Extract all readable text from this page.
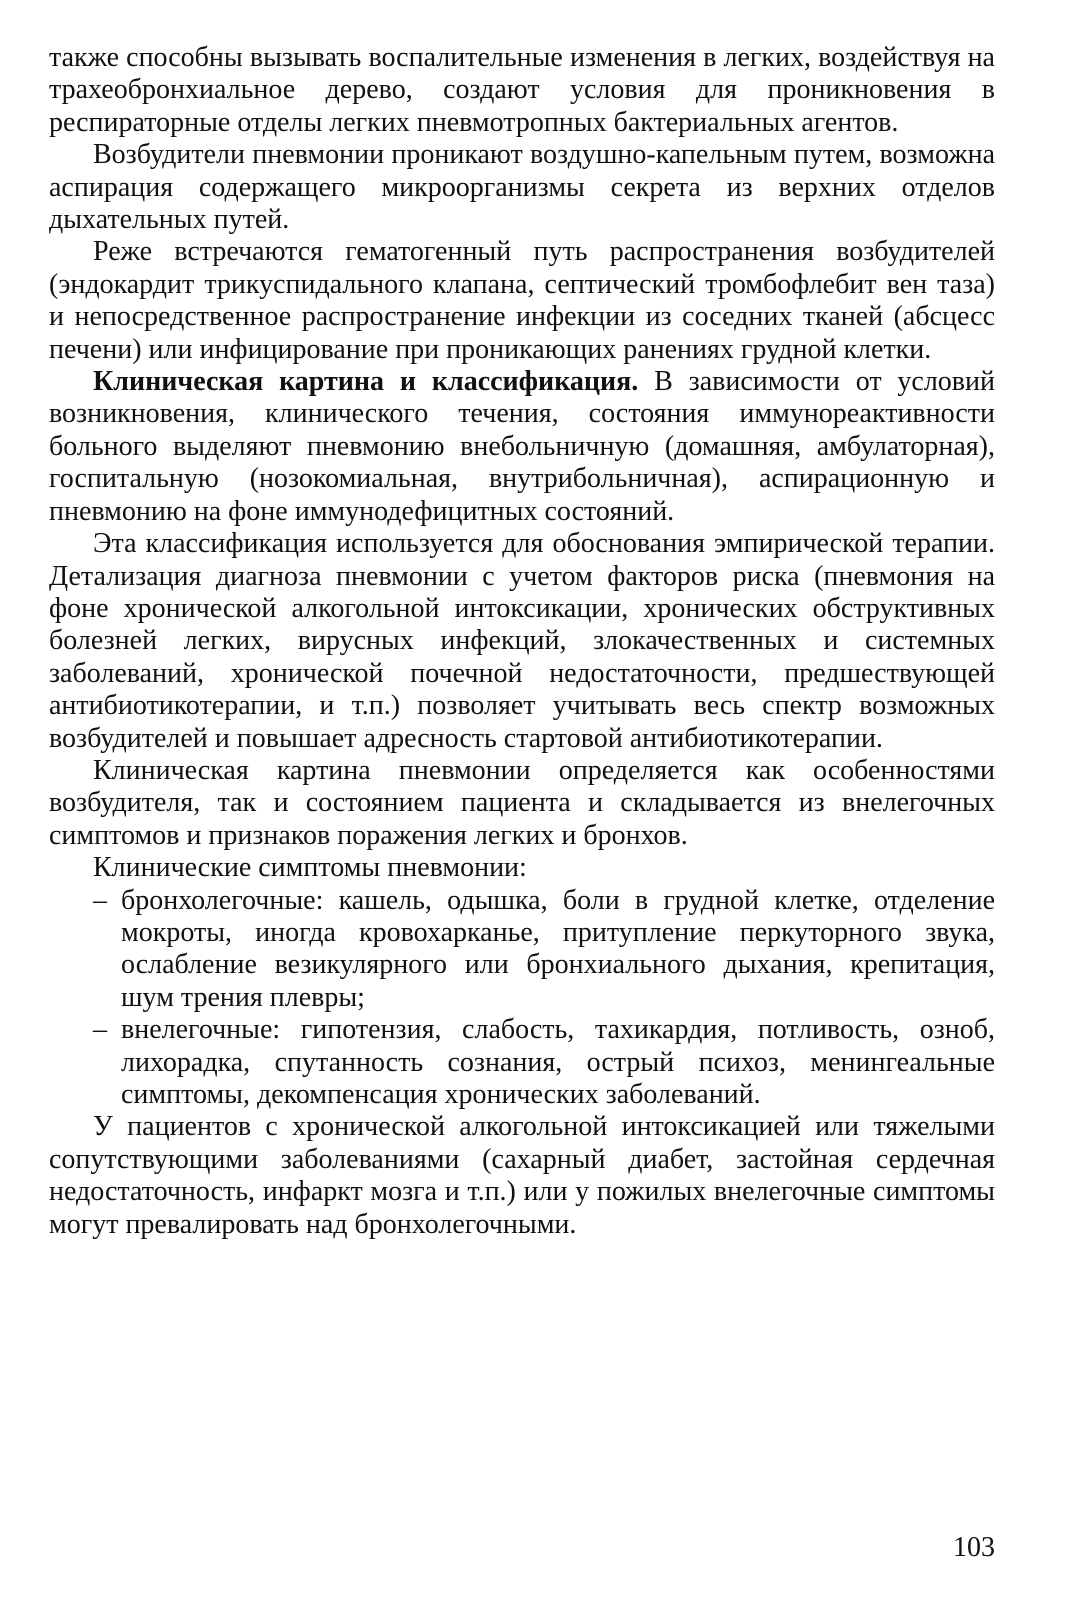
также способны вызывать воспалительные изменения в легких, воздействуя на трахеобронхиальное дерево, создают условия для проникновения в респираторные отделы легких пневмотропных бактериальных агентов.

Возбудители пневмонии проникают воздушно-капельным путем, возможна аспирация содержащего микроорганизмы секрета из верхних отделов дыхательных путей.

Реже встречаются гематогенный путь распространения возбудителей (эндокардит трикуспидального клапана, септический тромбофлебит вен таза) и непосредственное распространение инфекции из соседних тканей (абсцесс печени) или инфицирование при проникающих ранениях грудной клетки.

Клиническая картина и классификация. В зависимости от условий возникновения, клинического течения, состояния иммунореактивности больного выделяют пневмонию внебольничную (домашняя, амбулаторная), госпитальную (нозокомиальная, внутрибольничная), аспирационную и пневмонию на фоне иммунодефицитных состояний.

Эта классификация используется для обоснования эмпирической терапии. Детализация диагноза пневмонии с учетом факторов риска (пневмония на фоне хронической алкогольной интоксикации, хронических обструктивных болезней легких, вирусных инфекций, злокачественных и системных заболеваний, хронической почечной недостаточности, предшествующей антибиотикотерапии, и т.п.) позволяет учитывать весь спектр возможных возбудителей и повышает адресность стартовой антибиотикотерапии.

Клиническая картина пневмонии определяется как особенностями возбудителя, так и состоянием пациента и складывается из внелегочных симптомов и признаков поражения легких и бронхов.

Клинические симптомы пневмонии:

– бронхолегочные: кашель, одышка, боли в грудной клетке, отделение мокроты, иногда кровохарканье, притупление перкуторного звука, ослабление везикулярного или бронхиального дыхания, крепитация, шум трения плевры;
– внелегочные: гипотензия, слабость, тахикардия, потливость, озноб, лихорадка, спутанность сознания, острый психоз, менингеальные симптомы, декомпенсация хронических заболеваний.

У пациентов с хронической алкогольной интоксикацией или тяжелыми сопутствующими заболеваниями (сахарный диабет, застойная сердечная недостаточность, инфаркт мозга и т.п.) или у пожилых внелегочные симптомы могут превалировать над бронхолегочными.

103
